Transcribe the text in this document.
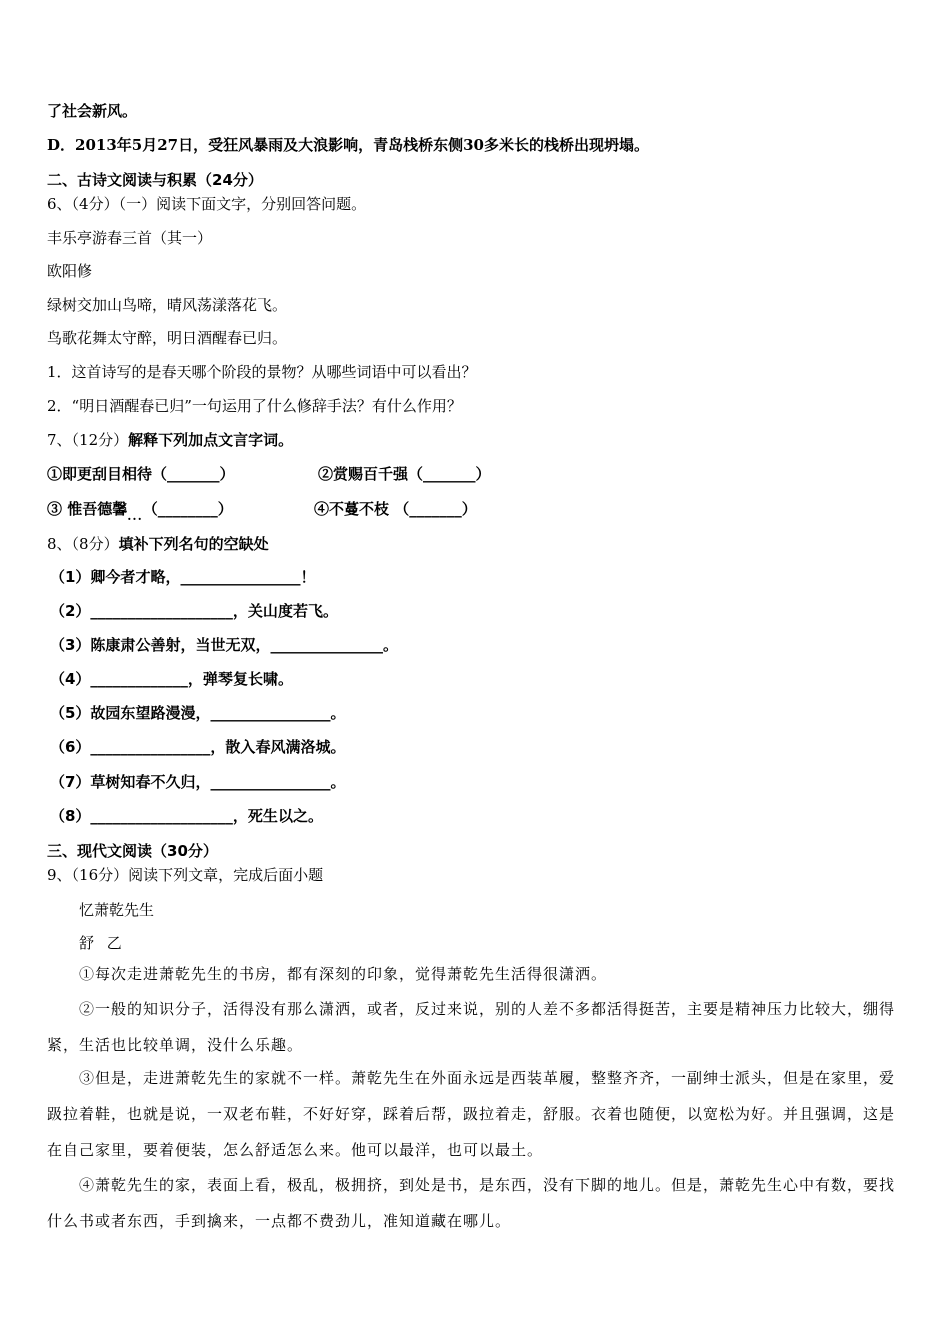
了社会新风。
D．2013年5月27日，受狂风暴雨及大浪影响，青岛栈桥东侧30多米长的栈桥出现坍塌。
二、古诗文阅读与积累（24分）
6、（4分）（一）阅读下面文字，分别回答问题。
丰乐亭游春三首（其一）
欧阳修
绿树交加山鸟啼，晴风荡漾落花飞。
鸟歌花舞太守醉，明日酒醒春已归。
1．这首诗写的是春天哪个阶段的景物？从哪些词语中可以看出？
2．“明日酒醒春已归”一句运用了什么修辞手法？有什么作用？
7、（12分）解释下列加点文言字词。
①即更刮目相待（_______）	②赏赐百千强（_______）
③ 惟吾德馨$_{...}$（________）	④不蔓不枝 （_______）
8、（8分）填补下列名句的空缺处
（1）卿今者才略，________________！
（2）___________________，关山度若飞。
（3）陈康肃公善射，当世无双，_______________。
（4）_____________，弹琴复长啸。
（5）故园东望路漫漫，________________。
（6）________________，散入春风满洛城。
（7）草树知春不久归，________________。
（8）___________________，死生以之。
三、现代文阅读（30分）
9、（16分）阅读下列文章，完成后面小题
忆萧乾先生
舒 乙
①每次走进萧乾先生的书房，都有深刻的印象，觉得萧乾先生活得很潇洒。
②一般的知识分子，活得没有那么潇洒，或者，反过来说，别的人差不多都活得挺苦，主要是精神压力比较大，绷得紧，生活也比较单调，没什么乐趣。
③但是，走进萧乾先生的家就不一样。萧乾先生在外面永远是西装革履，整整齐齐，一副绅士派头，但是在家里，爱趿拉着鞋，也就是说，一双老布鞋，不好好穿，踩着后帮，趿拉着走，舒服。衣着也随便，以宽松为好。并且强调，这是在自己家里，要着便装，怎么舒适怎么来。他可以最洋，也可以最土。
④萧乾先生的家，表面上看，极乱，极拥挤，到处是书，是东西，没有下脚的地儿。但是，萧乾先生心中有数，要找什么书或者东西，手到擒来，一点都不费劲儿，准知道藏在哪儿。
